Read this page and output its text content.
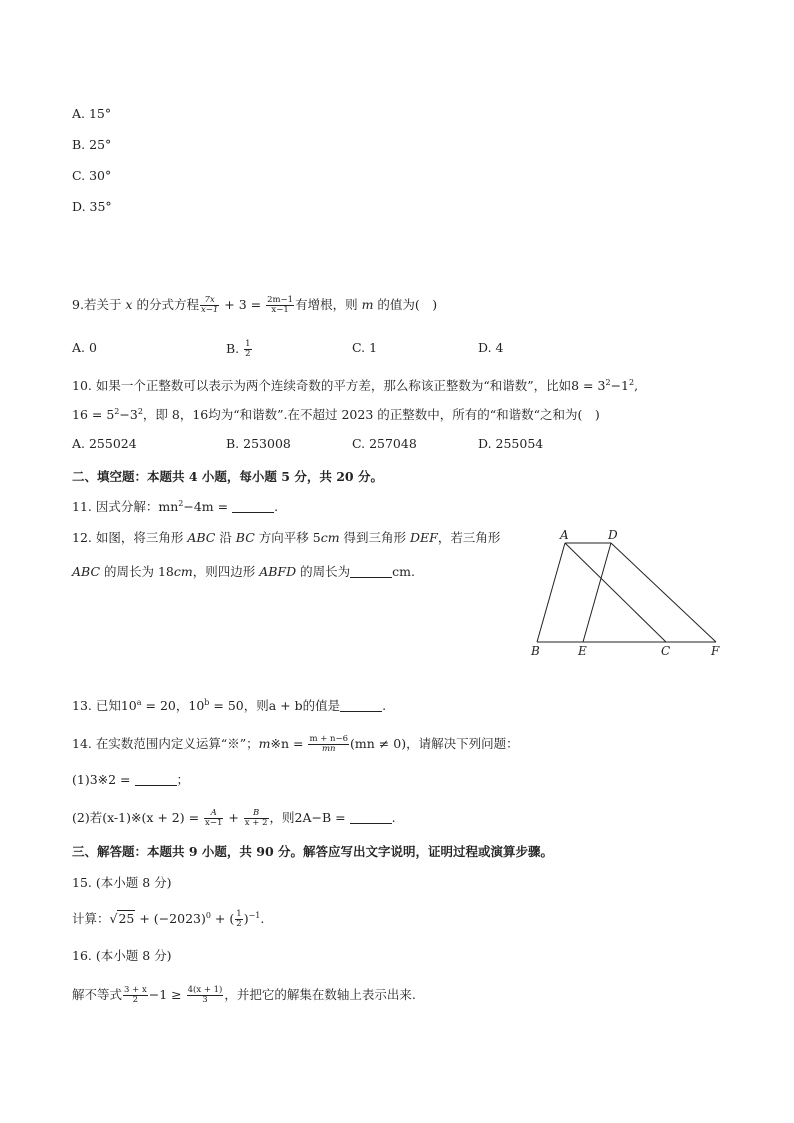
A. 15°
B. 25°
C. 30°
D. 35°
9.若关于 x 的分式方程 $\frac{7x}{x-1} + 3 = \frac{2m-1}{x-1}$ 有增根，则 m 的值为(　)
A. 0	B. $\frac{1}{2}$	C. 1	D. 4
10. 如果一个正整数可以表示为两个连续奇数的平方差，那么称该正整数为“和谐数”，比如$8 = 3^2-1^2$,
$16 = 5^2-3^2$，即 8，16均为“和谐数”.在不超过 2023 的正整数中，所有的“和谐数“之和为(　)
A. 255024	B. 253008	C. 257048	D. 255054
二、填空题：本题共 4 小题，每小题 5 分，共 20 分。
11. 因式分解：$mn^2-4m$ =	.
12. 如图，将三角形 ABC 沿 BC 方向平移 5cm 得到三角形 DEF，若三角形
ABC 的周长为 18cm，则四边形 ABFD 的周长为	cm.
A	D
B	E	C	F
13. 已知$10^a = 20$，$10^b = 50$，则a + b的值是	.
14. 在实数范围内定义运算“※”；m※n = $\frac{m + n-6}{mn} (mn \ne 0)$，请解决下列问题：
(1)3※2 =	；
(2)若(x-1)※(x + $2) = \frac{A}{x-1} + \frac{B}{x + 2}$ ，则2A−B =	.
三、解答题：本题共 9 小题，共 90 分。解答应写出文字说明，证明过程或演算步骤。
15. (本小题 8 分)
计算：$√25 + (-2023)^0$ + ( $\frac{1}{2} )^{-1}$.
16. (本小题 8 分)
解不等式 $\frac{3 + x}{2} -1 \ge \frac{4(x + 1)}{3}$ ，并把它的解集在数轴上表示出来.
